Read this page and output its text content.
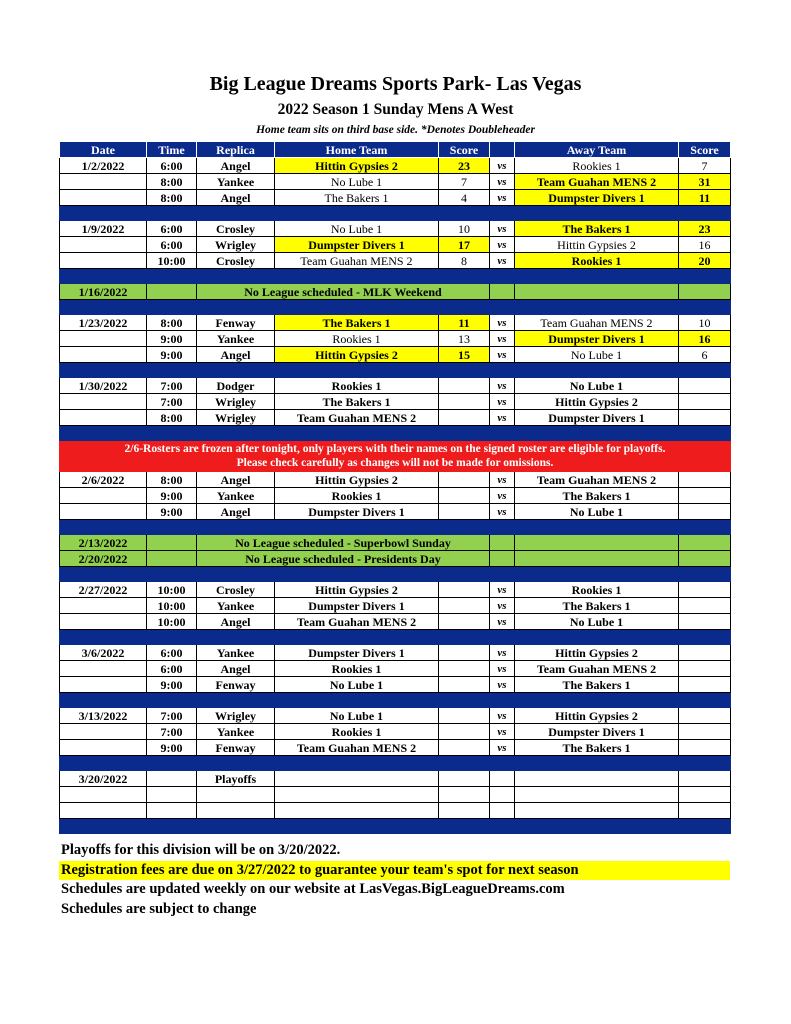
Big League Dreams Sports Park- Las Vegas
2022 Season 1 Sunday Mens A West
Home team sits on third base side. *Denotes Doubleheader
Date	Time	Replica	Home Team	Score		Away Team	Score
1/2/2022	6:00	Angel	Hittin Gypsies 2	23	vs	Rookies 1	7
	8:00	Yankee	No Lube 1	7	vs	Team Guahan MENS 2	31
	8:00	Angel	The Bakers 1	4	vs	Dumpster Divers 1	11

1/9/2022	6:00	Crosley	No Lube 1	10	vs	The Bakers 1	23
	6:00	Wrigley	Dumpster Divers 1	17	vs	Hittin Gypsies 2	16
	10:00	Crosley	Team Guahan MENS 2	8	vs	Rookies 1	20

1/16/2022		No League scheduled - MLK Weekend					

1/23/2022	8:00	Fenway	The Bakers 1	11	vs	Team Guahan MENS 2	10
	9:00	Yankee	Rookies 1	13	vs	Dumpster Divers 1	16
	9:00	Angel	Hittin Gypsies 2	15	vs	No Lube 1	6

1/30/2022	7:00	Dodger	Rookies 1		vs	No Lube 1	
	7:00	Wrigley	The Bakers 1		vs	Hittin Gypsies 2	
	8:00	Wrigley	Team Guahan MENS 2		vs	Dumpster Divers 1	

2/6-Rosters are frozen after tonight, only players with their names on the signed roster are eligible for playoffs.
Please check carefully as changes will not be made for omissions.							

2/6/2022	8:00	Angel	Hittin Gypsies 2		vs	Team Guahan MENS 2	
	9:00	Yankee	Rookies 1		vs	The Bakers 1	
	9:00	Angel	Dumpster Divers 1		vs	No Lube 1	

2/13/2022		No League scheduled - Superbowl Sunday					
2/20/2022		No League scheduled - Presidents Day					

2/27/2022	10:00	Crosley	Hittin Gypsies 2		vs	Rookies 1	
	10:00	Yankee	Dumpster Divers 1		vs	The Bakers 1	
	10:00	Angel	Team Guahan MENS 2		vs	No Lube 1	

3/6/2022	6:00	Yankee	Dumpster Divers 1		vs	Hittin Gypsies 2	
	6:00	Angel	Rookies 1		vs	Team Guahan MENS 2	
	9:00	Fenway	No Lube 1		vs	The Bakers 1	

3/13/2022	7:00	Wrigley	No Lube 1		vs	Hittin Gypsies 2	
	7:00	Yankee	Rookies 1		vs	Dumpster Divers 1	
	9:00	Fenway	Team Guahan MENS 2		vs	The Bakers 1	

3/20/2022		Playoffs					

Playoffs for this division will be on 3/20/2022.
Registration fees are due on 3/27/2022 to guarantee your team's spot for next season
Schedules are updated weekly on our website at LasVegas.BigLeagueDreams.com
Schedules are subject to change
